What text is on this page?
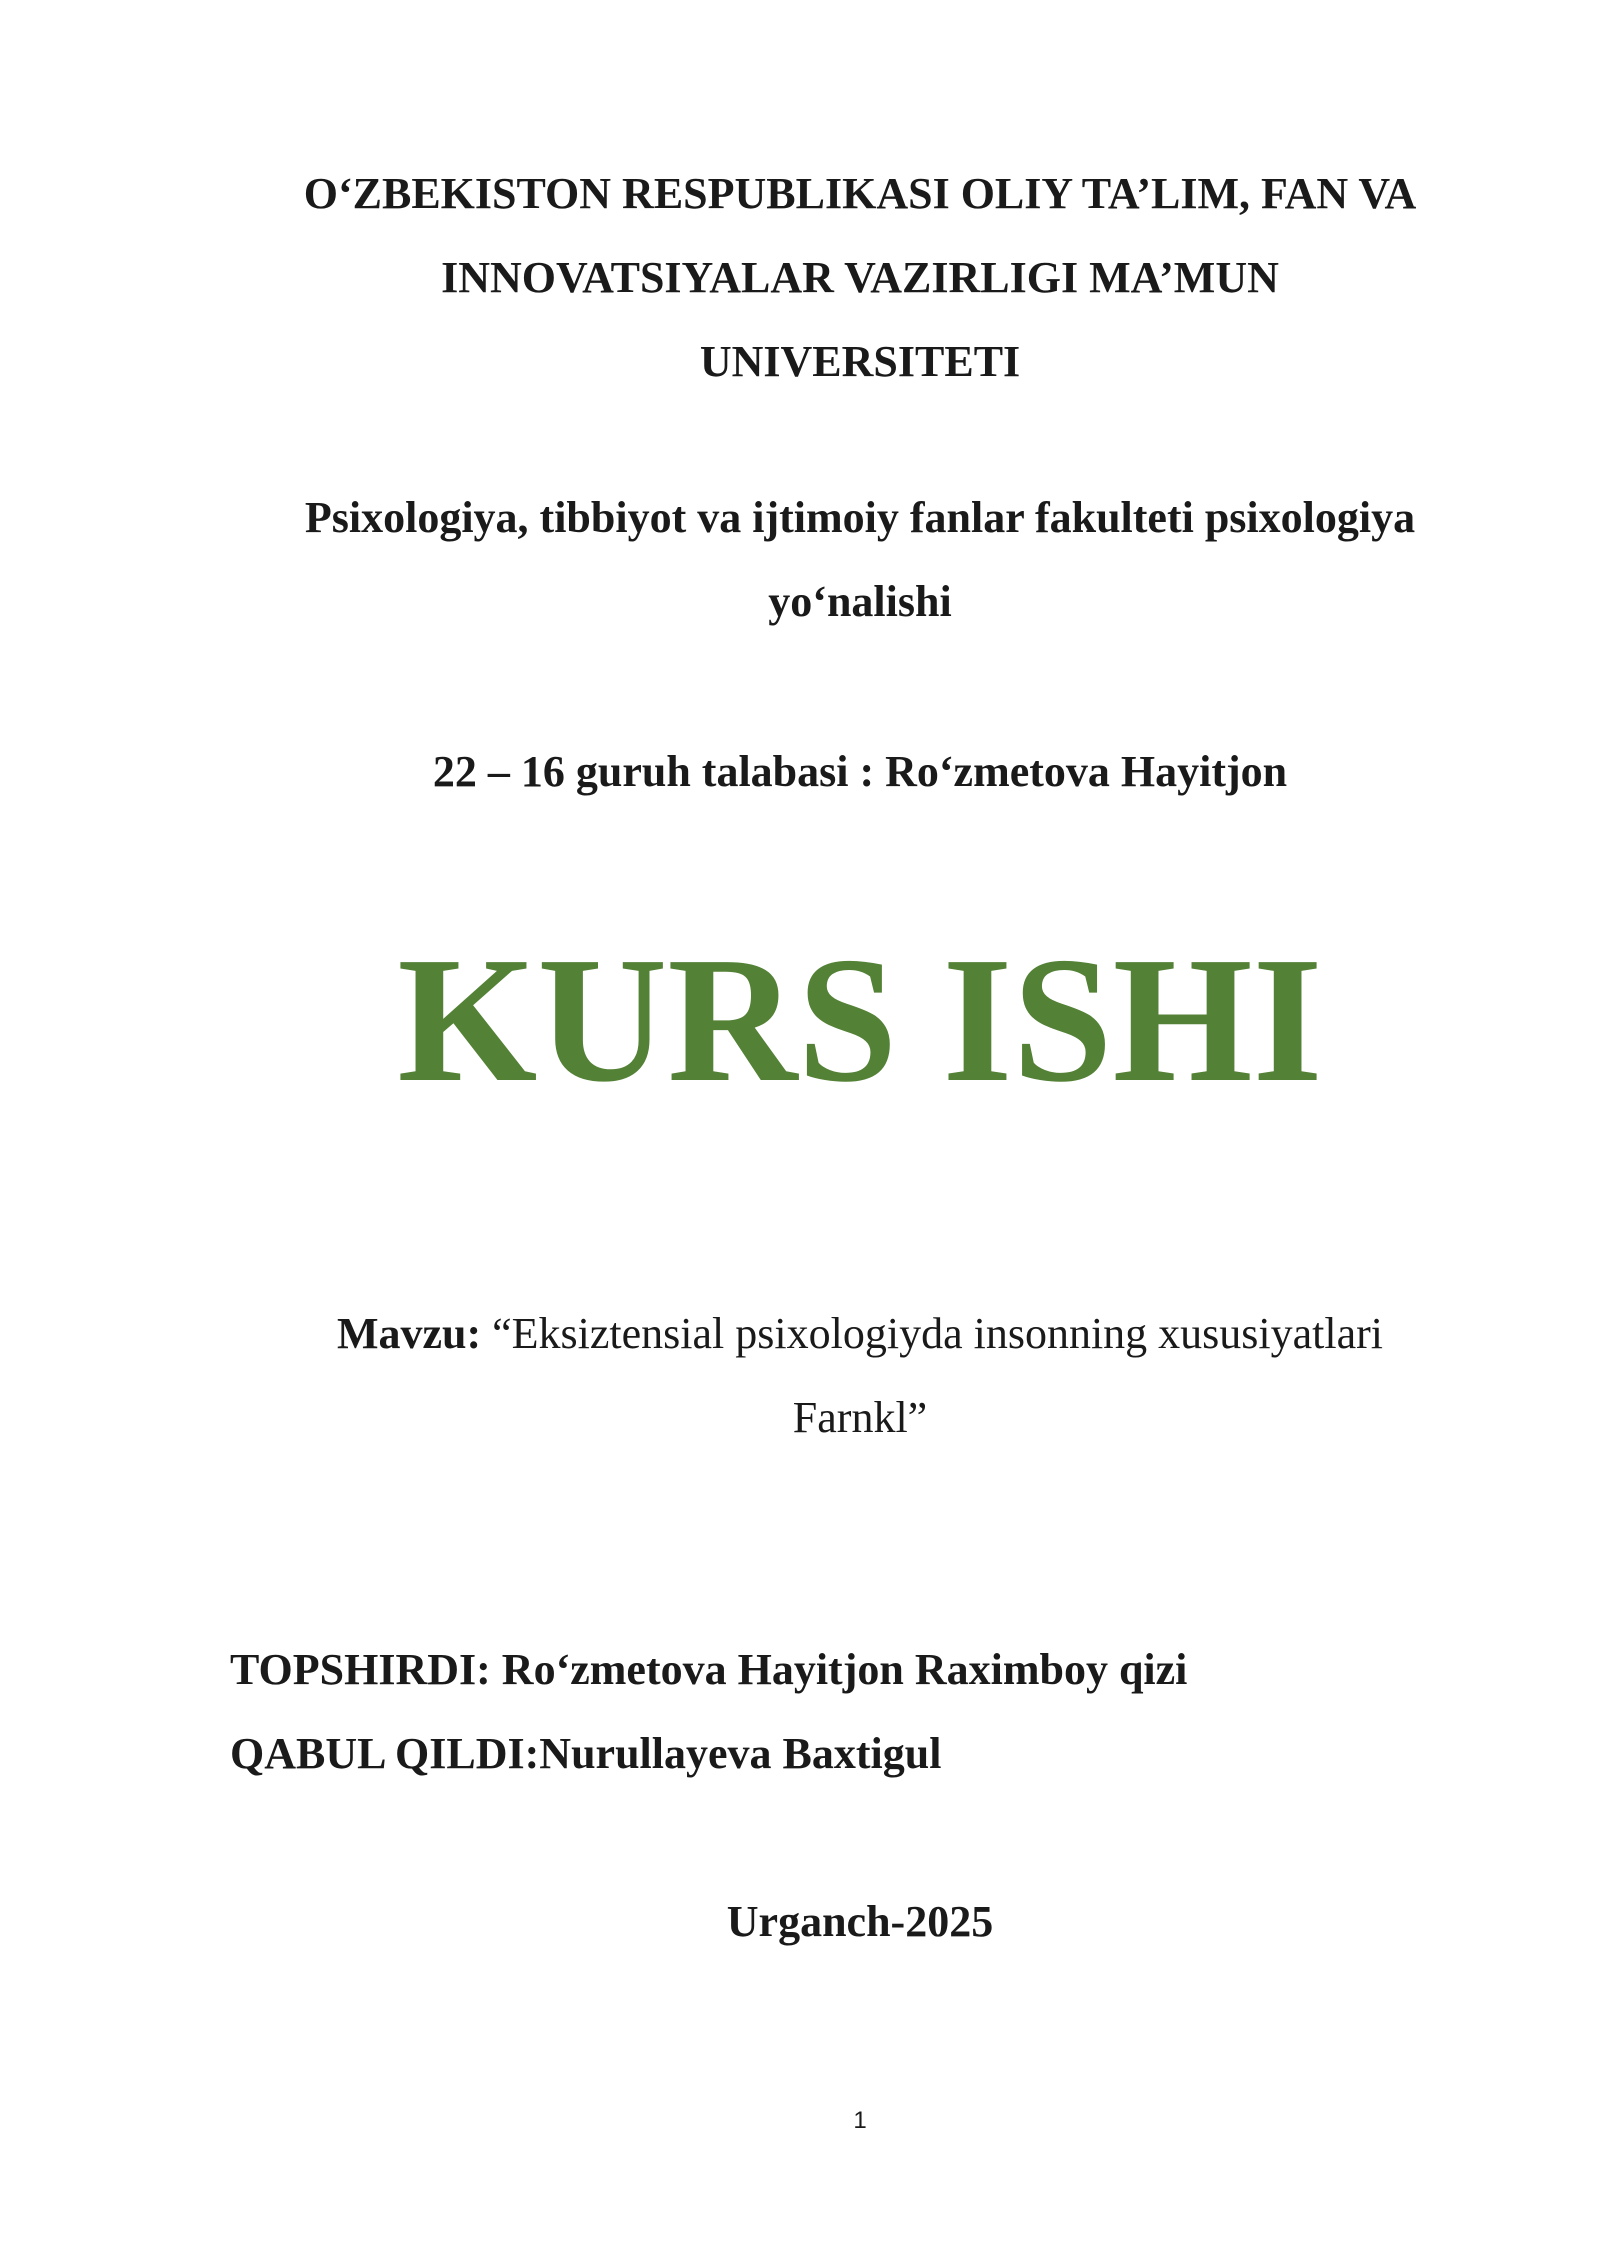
O‘ZBEKISTON RESPUBLIKASI OLIY TA’LIM, FAN VA
INNOVATSIYALAR VAZIRLIGI MA’MUN
UNIVERSITETI
Psixologiya, tibbiyot va ijtimoiy fanlar fakulteti psixologiya
yo‘nalishi
22 – 16 guruh talabasi : Ro‘zmetova Hayitjon
KURS ISHI
Mavzu: “Eksiztensial psixologiyda insonning xususiyatlari
Farnkl”
TOPSHIRDI: Ro‘zmetova Hayitjon Raximboy qizi
QABUL QILDI:Nurullayeva Baxtigul
Urganch-2025
1
